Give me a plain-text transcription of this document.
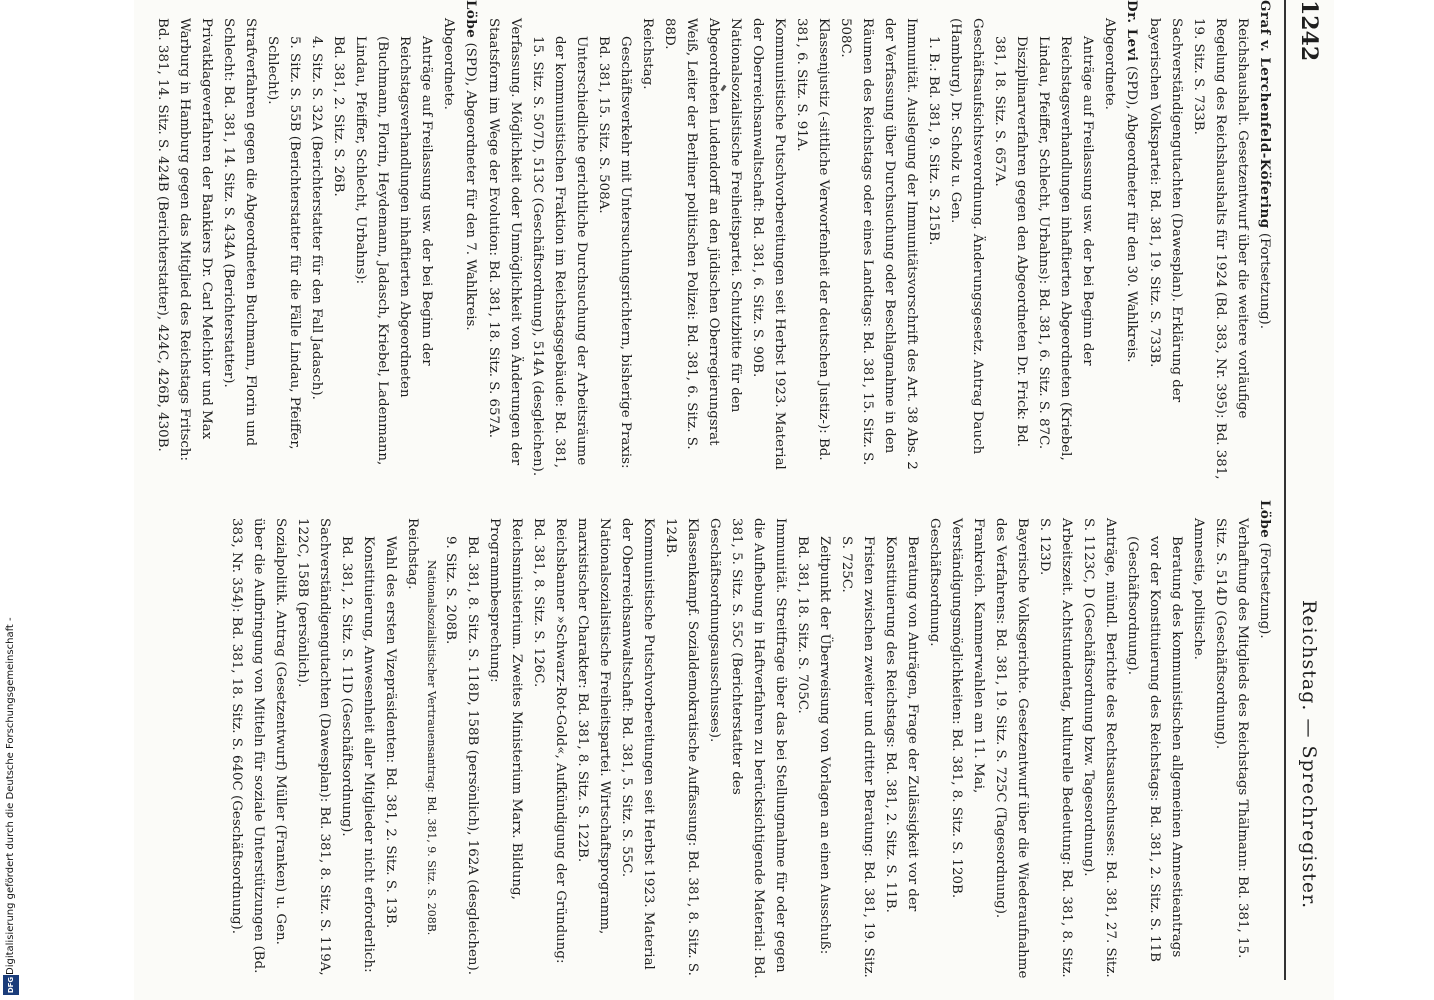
1242
Reichstag. — Sprechregister.

Graf v. Lerchenfeld-Köfering (Fortsetzung).

Reichshaushalt. Gesetzentwurf über die weitere vorläufige Regelung des Reichshaushalts für 1924 (Bd. 383, Nr. 395): Bd. 381, 19. Sitz. S. 733B.

Sachverständigengutachten (Dawesplan). Erklärung der bayerischen Volkspartei: Bd. 381, 19. Sitz. S. 733B.

Dr. Levi (SPD), Abgeordneter für den 30. Wahlkreis.

Abgeordnete.

Anträge auf Freilassung usw. der bei Beginn der Reichstagsverhandlungen inhaftierten Abgeordneten (Kriebel, Lindau, Pfeiffer, Schlecht, Urbahns): Bd. 381, 6. Sitz. S. 87C.

Disziplinarverfahren gegen den Abgeordneten Dr. Frick: Bd. 381, 18. Sitz. S. 657A.

Geschäftsaufsichtsverordnung. Änderungsgesetz. Antrag Dauch (Hamburg), Dr. Scholz u. Gen.

1. B.: Bd. 381, 9. Sitz. S. 215B.

Immunität. Auslegung der Immunitätsvorschrift des Art. 38 Abs. 2 der Verfassung über Durchsuchung oder Beschlagnahme in den Räumen des Reichstags oder eines Landtags: Bd. 381, 15. Sitz. S. 508C.

Klassenjustiz (-sittliche Verworfenheit der deutschen Justiz-): Bd. 381, 6. Sitz. S. 91A.

Kommunistische Putschvorbereitungen seit Herbst 1923. Material der Oberreichsanwaltschaft: Bd. 381, 6. Sitz. S. 90B.

Nationalsozialistische Freiheitspartei. Schutzbitte für den Abgeordneten Ludendorff an den jüdischen Oberregierungsrat Weiß, Leiter der Berliner politischen Polizei: Bd. 381, 6. Sitz. S. 88D.

Reichstag.

Geschäftsverkehr mit Untersuchungsrichtern, bisherige Praxis: Bd. 381, 15. Sitz. S. 508A.

Unterschiedliche gerichtliche Durchsuchung der Arbeitsräume der kommunistischen Fraktion im Reichstagsgebäude: Bd. 381, 15. Sitz. S. 507D, 513C (Geschäftsordnung), 514A (desgleichen).

Verfassung. Möglichkeit oder Unmöglichkeit von Änderungen der Staatsform im Wege der Evolution: Bd. 381, 18. Sitz. S. 657A.

Löbe (SPD), Abgeordneter für den 7. Wahlkreis.

Abgeordnete.

Anträge auf Freilassung usw. der bei Beginn der Reichstagsverhandlungen inhaftierten Abgeordneten (Buchmann, Florin, Heydemann, Jadasch, Kriebel, Ladenmann, Lindau, Pfeiffer, Schlecht, Urbahns):

Bd. 381, 2. Sitz. S. 26B.

4. Sitz. S. 32A (Berichterstatter für den Fall Jadasch).

5. Sitz. S. 55B (Berichterstatter für die Fälle Lindau, Pfeiffer, Schlecht).

Strafverfahren gegen die Abgeordneten Buchmann, Florin und Schlecht: Bd. 381, 14. Sitz. S. 434A (Berichterstatter).

Privatklageverfahren der Bankiers Dr. Carl Melchior und Max Warburg in Hamburg gegen das Mitglied des Reichstags Fritsch: Bd. 381, 14. Sitz. S. 424B (Berichterstatter), 424C, 426B, 430B.

Löbe (Fortsetzung).

Verhaftung des Mitglieds des Reichstags Thälmann: Bd. 381, 15. Sitz. S. 514D (Geschäftsordnung).

Amnestie, politische.

Beratung des kommunistischen allgemeinen Amnestieantrags vor der Konstituierung des Reichstags: Bd. 381, 2. Sitz. S. 11B (Geschäftsordnung).

Anträge, mündl. Berichte des Rechtsausschusses: Bd. 381, 27. Sitz. S. 1123C, D (Geschäftsordnung bzw. Tagesordnung).

Arbeitszeit. Achtstundentag, kulturelle Bedeutung: Bd. 381, 8. Sitz. S. 123D.

Bayerische Volksgerichte. Gesetzentwurf über die Wiederaufnahme des Verfahrens: Bd. 381, 19. Sitz. S. 725C (Tagesordnung).

Frankreich. Kammerwahlen am 11. Mai, Verständigungsmöglichkeiten: Bd. 381, 8. Sitz. S. 120B.

Geschäftsordnung.

Beratung von Anträgen, Frage der Zulässigkeit vor der Konstituierung des Reichstags: Bd. 381, 2. Sitz. S. 11B.

Fristen zwischen zweiter und dritter Beratung: Bd. 381, 19. Sitz. S. 725C.

Zeitpunkt der Überweisung von Vorlagen an einen Ausschuß: Bd. 381, 18. Sitz. S. 705C.

Immunität. Streitfrage über das bei Stellungnahme für oder gegen die Aufhebung in Haftverfahren zu berücksichtigende Material: Bd. 381, 5. Sitz. S. 55C (Berichterstatter des Geschäftsordnungsausschusses).

Klassenkampf. Sozialdemokratische Auffassung: Bd. 381, 8. Sitz. S. 124B.

Kommunistische Putschvorbereitungen seit Herbst 1923. Material der Oberreichsanwaltschaft: Bd. 381, 5. Sitz. S. 55C.

Nationalsozialistische Freiheitspartei. Wirtschaftsprogramm, marxistischer Charakter: Bd. 381, 8. Sitz. S. 122B.

Reichsbanner »Schwarz-Rot-Gold«, Aufkündigung der Gründung: Bd. 381, 8. Sitz. S. 126C.

Reichsministerium. Zweites Ministerium Marx. Bildung, Programmbesprechung:

Bd. 381, 8. Sitz. S. 118D, 158B (persönlich), 162A (desgleichen).

9. Sitz. S. 208B.

Nationalsozialistischer Vertrauensantrag: Bd. 381, 9. Sitz. S. 208B.

Reichstag.

Wahl des ersten Vizepräsidenten: Bd. 381, 2. Sitz. S. 13B.

Konstituierung, Anwesenheit aller Mitglieder nicht erforderlich: Bd. 381, 2. Sitz. S. 11D (Geschäftsordnung).

Sachverständigengutachten (Dawesplan): Bd. 381, 8. Sitz. S. 119A, 122C, 158B (persönlich).

Sozialpolitik. Antrag (Gesetzentwurf) Müller (Franken) u. Gen. über die Aufbringung von Mitteln für soziale Unterstützungen (Bd. 383, Nr. 354): Bd. 381, 18. Sitz. S. 640C (Geschäftsordnung).

Digitalisierung gefördert durch die Deutsche Forschungsgemeinschaft -
DFG
